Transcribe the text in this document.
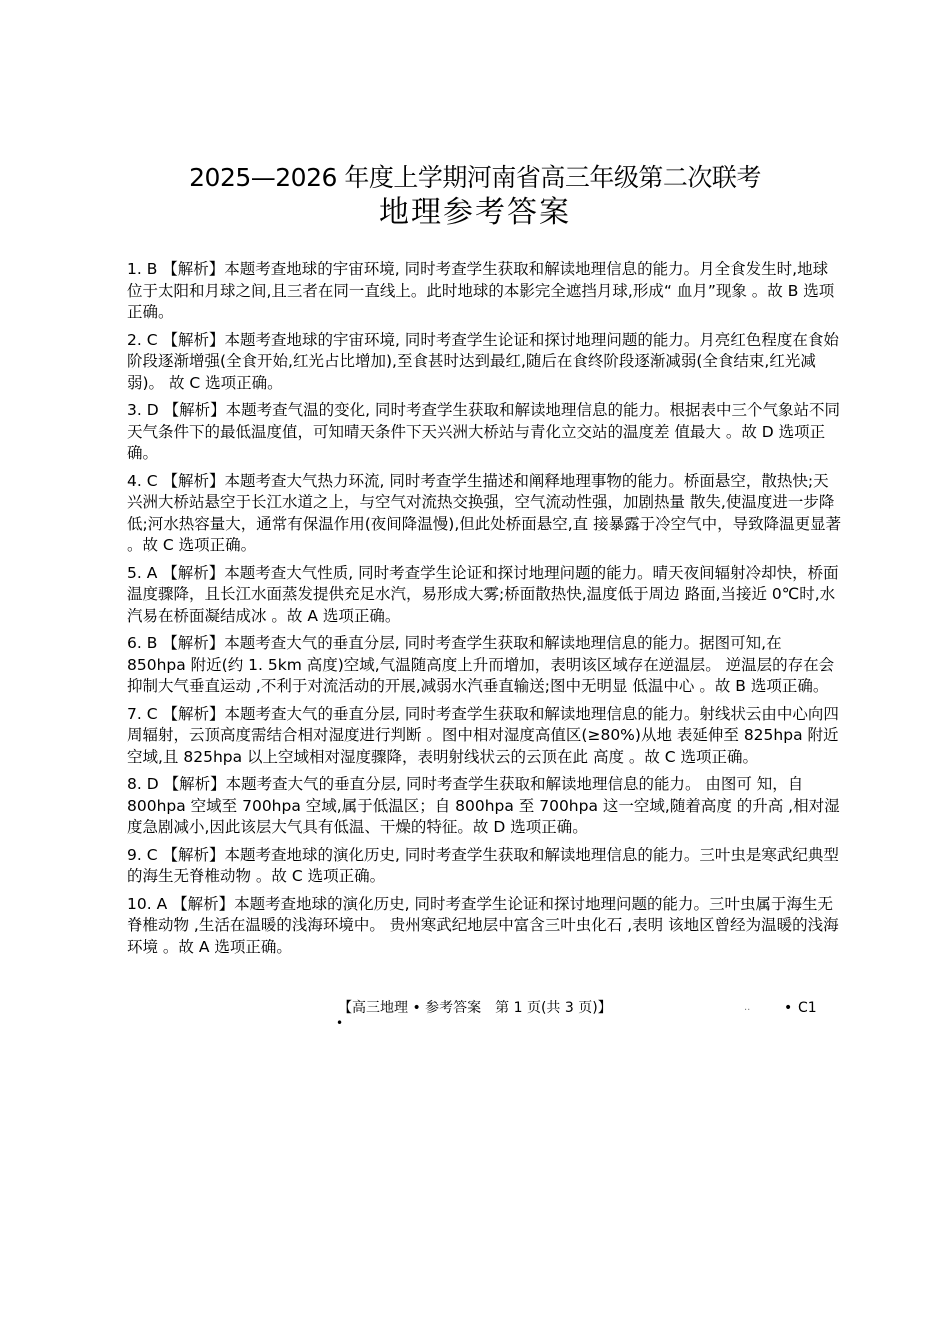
2025—2026 年度上学期河南省高三年级第二次联考
地理参考答案
1. B 【解析】本题考查地球的宇宙环境, 同时考查学生获取和解读地理信息的能力。月全食发生时,地球位于太阳和月球之间,且三者在同一直线上。此时地球的本影完全遮挡月球,形成“ 血月”现象 。故 B 选项正确。
2. C 【解析】本题考查地球的宇宙环境, 同时考查学生论证和探讨地理问题的能力。月亮红色程度在食始阶段逐渐增强(全食开始,红光占比增加),至食甚时达到最红,随后在食终阶段逐渐减弱(全食结束,红光减弱)。 故 C 选项正确。
3. D 【解析】本题考查气温的变化, 同时考查学生获取和解读地理信息的能力。根据表中三个气象站不同天气条件下的最低温度值，可知晴天条件下天兴洲大桥站与青化立交站的温度差 值最大 。故 D 选项正确。
4. C 【解析】本题考查大气热力环流, 同时考查学生描述和阐释地理事物的能力。桥面悬空，散热快;天兴洲大桥站悬空于长江水道之上，与空气对流热交换强，空气流动性强，加剧热量 散失,使温度进一步降低;河水热容量大，通常有保温作用(夜间降温慢),但此处桥面悬空,直 接暴露于冷空气中，导致降温更显著 。故 C 选项正确。
5. A 【解析】本题考查大气性质, 同时考查学生论证和探讨地理问题的能力。晴天夜间辐射冷却快，桥面温度骤降，且长江水面蒸发提供充足水汽，易形成大雾;桥面散热快,温度低于周边 路面,当接近 0℃时,水汽易在桥面凝结成冰 。故 A 选项正确。
6. B 【解析】本题考查大气的垂直分层, 同时考查学生获取和解读地理信息的能力。据图可知,在 850hpa 附近(约 1. 5km 高度)空域,气温随高度上升而增加，表明该区域存在逆温层。 逆温层的存在会抑制大气垂直运动 ,不利于对流活动的开展,减弱水汽垂直输送;图中无明显 低温中心 。故 B 选项正确。
7. C 【解析】本题考查大气的垂直分层, 同时考查学生获取和解读地理信息的能力。射线状云由中心向四周辐射，云顶高度需结合相对湿度进行判断 。图中相对湿度高值区(≥80%)从地 表延伸至 825hpa 附近空域,且 825hpa 以上空域相对湿度骤降，表明射线状云的云顶在此 高度 。故 C 选项正确。
8. D 【解析】本题考查大气的垂直分层, 同时考查学生获取和解读地理信息的能力。 由图可 知，自 800hpa 空域至 700hpa 空域,属于低温区；自 800hpa 至 700hpa 这一空域,随着高度 的升高 ,相对湿度急剧减小,因此该层大气具有低温、干燥的特征。故 D 选项正确。
9. C 【解析】本题考查地球的演化历史, 同时考查学生获取和解读地理信息的能力。三叶虫是寒武纪典型的海生无脊椎动物 。故 C 选项正确。
10. A 【解析】本题考查地球的演化历史, 同时考查学生论证和探讨地理问题的能力。三叶虫属于海生无脊椎动物 ,生活在温暖的浅海环境中。 贵州寒武纪地层中富含三叶虫化石 ,表明 该地区曾经为温暖的浅海环境 。故 A 选项正确。
【高三地理 • 参考答案　第 1 页(共 3 页)】	.. • C1
•
